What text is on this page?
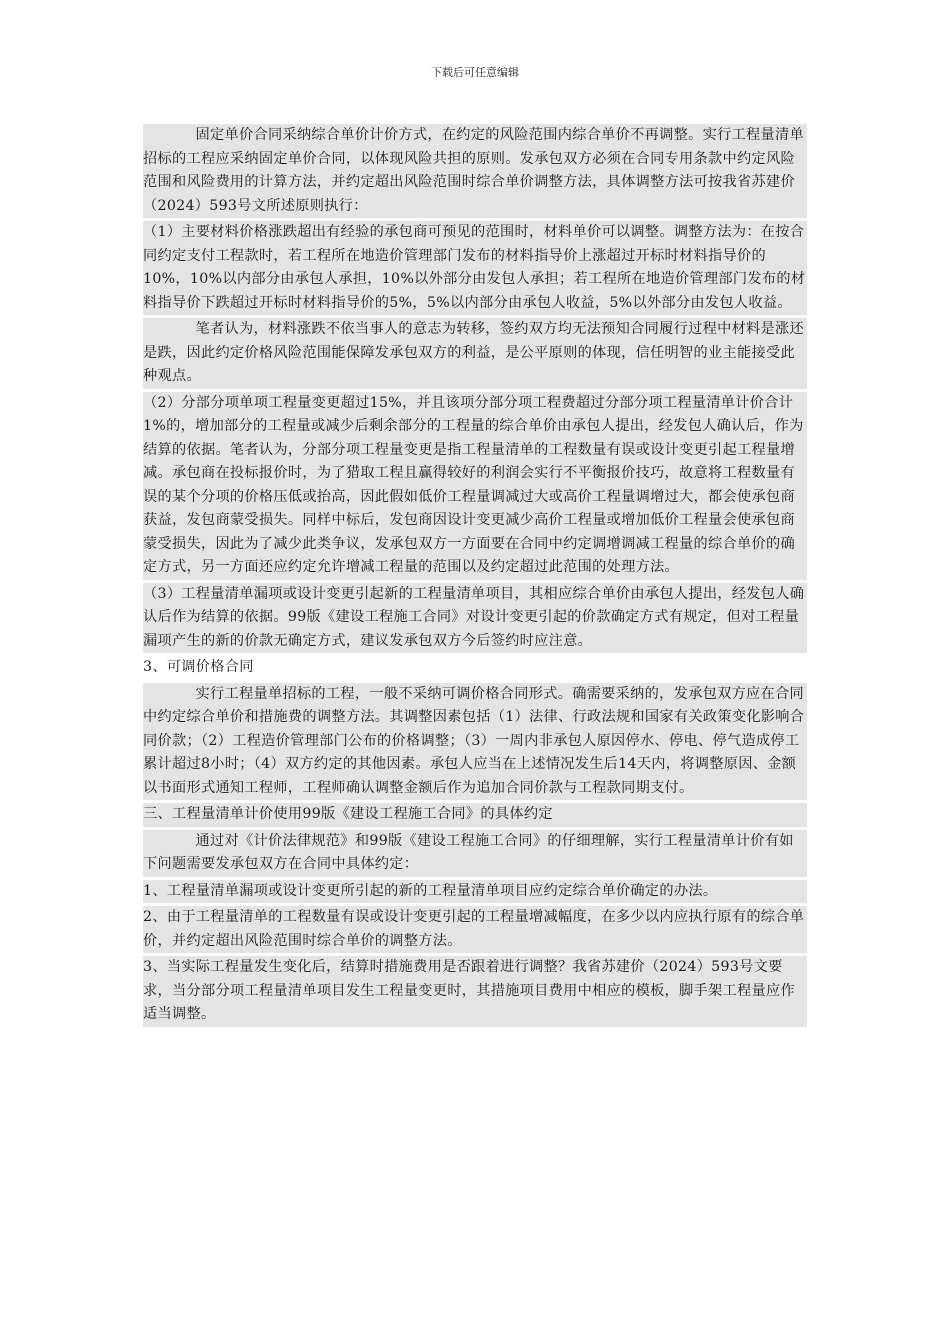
下载后可任意编辑

固定单价合同采纳综合单价计价方式，在约定的风险范围内综合单价不再调整。实行工程量清单招标的工程应采纳固定单价合同，以体现风险共担的原则。发承包双方必须在合同专用条款中约定风险范围和风险费用的计算方法，并约定超出风险范围时综合单价调整方法，具体调整方法可按我省苏建价（2024）593号文所述原则执行：

（1）主要材料价格涨跌超出有经验的承包商可预见的范围时，材料单价可以调整。调整方法为：在按合同约定支付工程款时，若工程所在地造价管理部门发布的材料指导价上涨超过开标时材料指导价的10%，10%以内部分由承包人承担，10%以外部分由发包人承担；若工程所在地造价管理部门发布的材料指导价下跌超过开标时材料指导价的5%，5%以内部分由承包人收益，5%以外部分由发包人收益。

笔者认为，材料涨跌不依当事人的意志为转移，签约双方均无法预知合同履行过程中材料是涨还是跌，因此约定价格风险范围能保障发承包双方的利益，是公平原则的体现，信任明智的业主能接受此种观点。

（2）分部分项单项工程量变更超过15%，并且该项分部分项工程费超过分部分项工程量清单计价合计1%的，增加部分的工程量或减少后剩余部分的工程量的综合单价由承包人提出，经发包人确认后，作为结算的依据。笔者认为，分部分项工程量变更是指工程量清单的工程数量有误或设计变更引起工程量增减。承包商在投标报价时，为了猎取工程且赢得较好的利润会实行不平衡报价技巧，故意将工程数量有误的某个分项的价格压低或抬高，因此假如低价工程量调减过大或高价工程量调增过大，都会使承包商获益，发包商蒙受损失。同样中标后，发包商因设计变更减少高价工程量或增加低价工程量会使承包商蒙受损失，因此为了减少此类争议，发承包双方一方面要在合同中约定调增调减工程量的综合单价的确定方式，另一方面还应约定允许增减工程量的范围以及约定超过此范围的处理方法。

（3）工程量清单漏项或设计变更引起新的工程量清单项目，其相应综合单价由承包人提出，经发包人确认后作为结算的依据。99版《建设工程施工合同》对设计变更引起的价款确定方式有规定，但对工程量漏项产生的新的价款无确定方式，建议发承包双方今后签约时应注意。

3、可调价格合同

实行工程量单招标的工程，一般不采纳可调价格合同形式。确需要采纳的，发承包双方应在合同中约定综合单价和措施费的调整方法。其调整因素包括（1）法律、行政法规和国家有关政策变化影响合同价款；（2）工程造价管理部门公布的价格调整；（3）一周内非承包人原因停水、停电、停气造成停工累计超过8小时；（4）双方约定的其他因素。承包人应当在上述情况发生后14天内，将调整原因、金额以书面形式通知工程师，工程师确认调整金额后作为追加合同价款与工程款同期支付。

三、工程量清单计价使用99版《建设工程施工合同》的具体约定

通过对《计价法律规范》和99版《建设工程施工合同》的仔细理解，实行工程量清单计价有如下问题需要发承包双方在合同中具体约定：

1、工程量清单漏项或设计变更所引起的新的工程量清单项目应约定综合单价确定的办法。

2、由于工程量清单的工程数量有误或设计变更引起的工程量增减幅度，在多少以内应执行原有的综合单价，并约定超出风险范围时综合单价的调整方法。

3、当实际工程量发生变化后，结算时措施费用是否跟着进行调整？我省苏建价（2024）593号文要求，当分部分项工程量清单项目发生工程量变更时，其措施项目费用中相应的模板，脚手架工程量应作适当调整。
